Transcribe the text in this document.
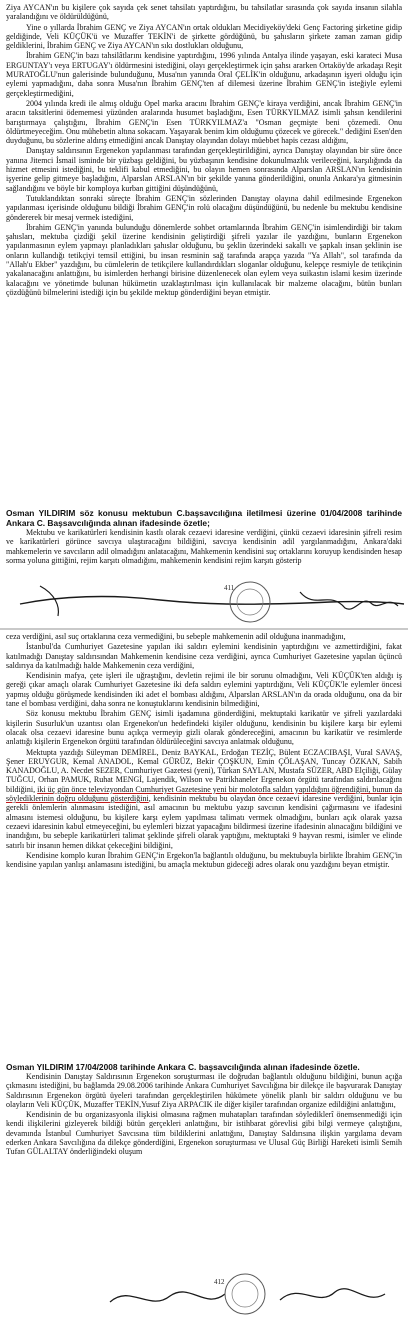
Ziya AYCAN'ın bu kişilere çok sayıda çek senet tahsilatı yaptırdığını, bu tahsilatlar sırasında çok sayıda insanın silahla yaralandığını ve öldürüldüğünü,

Yine o yıllarda İbrahim GENÇ ve Ziya AYCAN'ın ortak oldukları Mecidiyeköy'deki Genç Factoring şirketine gidip geldiğinde, Veli KÜÇÜK'ü ve Muzaffer TEKİN'i de şirkette gördüğünü, bu şahısların şirkete zaman zaman gidip geldiklerini, İbrahim GENÇ ve Ziya AYCAN'ın sıkı dostlukları olduğunu,

İbrahim GENÇ'in bazı tahsilâtlarını kendisine yaptırdığını, 1996 yılında Antalya ilinde yaşayan, eski karateci Musa ERGUNTAY'ı veya ERTUGAY'ı öldürmesini istediğini, olayı gerçekleştirmek için şahsı ararken Ortaköy'de arkadaşı Reşit MURATOĞLU'nun galerisinde bulunduğunu, Musa'nın yanında Oral ÇELİK'in olduğunu, arkadaşının işyeri olduğu için eylemi yapmadığını, daha sonra Musa'nın İbrahim GENÇ'ten af dilemesi üzerine İbrahim GENÇ'in isteğiyle eylemi gerçekleştirmediğini,

2004 yılında kredi ile almış olduğu Opel marka aracını İbrahim GENÇ'e kiraya verdiğini, ancak İbrahim GENÇ'in aracın taksitlerini ödememesi yüzünden aralarında husumet başladığını, Esen TÜRKYILMAZ isimli şahsın kendilerini barıştırmaya çalıştığını, İbrahim GENÇ'in Esen TÜRKYILMAZ'a "Osman geçmişte beni çözemedi. Onu öldürtmeyeceğim. Onu mühebetin altına sokacam. Yaşayarak benim kim olduğumu çözecek ve görecek." dediğini Esen'den duyduğunu, bu sözlerine aldırış etmediğini ancak Danıştay olayından dolayı müebbet hapis cezası aldığını,

Danıştay saldırısının Ergenekon yapılanması tarafından gerçekleştirildiğini, ayrıca Danıştay olayından bir süre önce yanına Jitemci İsmail isminde bir yüzbaşı geldiğini, bu yüzbaşının kendisine dokunulmazlık verileceğini, karşılığında da hizmet etmesini istediğini, bu teklifi kabul etmediğini, bu olayın hemen sonrasında Alparslan ARSLAN'ın kendisinin işyerine gelip gitmeye başladığını, Alparslan ARSLAN'ın bir şekilde yanına gönderildiğini, onunla Ankara'ya gitmesinin sağlandığını ve böyle bir komploya kurban gittiğini düşündüğünü,

Tutuklandıktan sonraki süreçte İbrahim GENÇ'in sözlerinden Danıştay olayına dahil edilmesinde Ergenekon yapılanması içerisinde olduğunu bildiği İbrahim GENÇ'in rolü olacağını düşündüğünü, bu nedenle bu mektubu kendisine göndererek bir mesaj vermek istediğini,

İbrahim GENÇ'in yanında bulunduğu dönemlerde sohbet ortamlarında İbrahim GENÇ'in isimlendirdiği bir takım şahısları, mektuba çizdiği şekil üzerine kendisinin geliştirdiği şifreli yazılar ile yazdığını, bunların Ergenekon yapılanmasının eylem yapmayı planladıkları şahıslar olduğunu, bu şeklin üzerindeki sakallı ve şapkalı insan şeklinin ise onların kullandığı tetikçiyi temsil ettiğini, bu insan resminin sağ tarafında arapça yazıda "Ya Allah", sol tarafında da "Allah'u Ekber" yazdığını, bu cümlelerin de tetikçilere kullandırdıkları sloganlar olduğunu, kelepçe resmiyle de tetikçinin yakalanacağını anlattığını, bu isimlerden herhangi birisine düzenlenecek olan eylem veya suikastın islami kesim üzerinde kalacağını ve yönetimde bulunan hükümetin uzaklaştırılması için kullanılacak bir malzeme olacağını, bütün bunları çözdüğünü bilmelerini istediği için bu şekilde mektup gönderdiğini beyan etmiştir.

Osman YILDIRIM söz konusu mektubun C.başsavcılığına iletilmesi üzerine 01/04/2008 tarihinde Ankara C. Başsavcılığında alınan ifadesinde özetle;

Mektubu ve karikatürleri kendisinin kastlı olarak cezaevi idaresine verdiğini, çünkü cezaevi idaresinin şifreli resim ve karikatürleri görünce savcıya ulaştıracağını bildiğini, savcıya kendisinin adil yargılanmadığını, Ankara'daki mahkemelerin ve savcıların adil olmadığını anlatacağını, Mahkemenin kendisini suç ortaklarını koruyup kendisinden hesap sorma yoluna gittiğini, rejim karşıtı olmadığını, mahkemenin kendisini rejim karşıtı gösterip

411

ceza verdiğini, asıl suç ortaklarına ceza vermediğini, bu sebeple mahkemenin adil olduğuna inanmadığını,

İstanbul'da Cumhuriyet Gazetesine yapılan iki saldırı eylemini kendisinin yaptırdığını ve azmettirdiğini, fakat katılmadığı Danıştay saldırısından Mahkemenin kendisine ceza verdiğini, ayrıca Cumhuriyet Gazetesine yapılan üçüncü saldırıya da katılmadığı halde Mahkemenin ceza verdiğini,

Kendisinin mafya, çete işleri ile uğraştığını, devletin rejimi ile bir sorunu olmadığını, Veli KÜÇÜK'ten aldığı iş gereği çıkar amaçlı olarak Cumhuriyet Gazetesine iki defa saldırı eylemini yaptırdığını, Veli KÜÇÜK'le eylemler öncesi yapmış olduğu görüşmede kendisinden iki adet el bombası aldığını, Alparslan ARSLAN'ın da orada olduğunu, ona da bir tane el bombası verdiğini, daha sonra ne konuştuklarını kendisinin bilmediğini,

Söz konusu mektubu İbrahim GENÇ isimli işadamına gönderdiğini, mektuptaki karikatür ve şifreli yazılardaki kişilerin Susurluk'un uzantısı olan Ergenekon'un hedefindeki kişiler olduğunu, kendisinin bu kişilere karşı bir eylemi olacak olsa cezaevi idaresine bunu açıkça vermeyip gizli olarak göndereceğini, amacının bu karikatür ve resimlerde anlattığı kişilerin Ergenekon örgütü tarafından öldürüleceğini savcıya anlatmak olduğunu,

Mektupta yazdığı Süleyman DEMİREL, Deniz BAYKAL, Erdoğan TEZİÇ, Bülent ECZACIBAŞI, Vural SAVAŞ, Şener ERUYGUR, Kemal ANADOL, Kemal GÜRÜZ, Bekir ÇOŞKUN, Emin ÇÖLAŞAN, Tuncay ÖZKAN, Sabih KANADOĞLU, A. Necdet SEZER, Cumhuriyet Gazetesi (yeni), Türkan SAYLAN, Mustafa SÜZER, ABD Elçiliği, Gülay TUĞCU, Orhan PAMUK, Ruhat MENGİ, Lajendik, Wilson ve Patrikhaneler Ergenekon örgütü tarafından saldırılacağını bildiğini, iki üç gün önce televizyondan Cumhuriyet Gazetesine yeni bir molotofla saldırı yapıldığını öğrendiğini, bunun da söylediklerinin doğru olduğunu gösterdiğini, kendisinin mektubu bu olaydan önce cezaevi idaresine verdiğini, bunlar için gerekli önlemlerin alınmasını istediğini, asıl amacının bu mektubu yazıp savcının kendisini çağırmasını ve ifadesini almasını istemesi olduğunu, bu kişilere karşı eylem yapılması talimatı vermek olmadığını, bunları açık olarak yazsa cezaevi idaresinin kabul etmeyeceğini, bu eylemleri bizzat yapacağını bildirmesi üzerine ifadesinin alınacağını bildiğini ve inandığını, bu sebeple karikatürleri talimat şeklinde şifreli olarak yaptığını, mektuptaki 9 hayvan resmi, isimler ve elinde satırlı bir insanın hemen dikkat çekeceğini bildiğini,

Kendisine komplo kuran İbrahim GENÇ'in Ergekon'la bağlantılı olduğunu, bu mektubuyla birlikte İbrahim GENÇ'in kendisine yapılan yanlışı anlamasını istediğini, bu amaçla mektubun gideceği adres olarak onu yazdığını beyan etmiştir.

Osman YILDIRIM 17/04/2008 tarihinde Ankara C. başsavcılığında alınan ifadesinde özetle.

Kendisinin Danıştay Saldırısının Ergenekon soruşturması ile doğrudan bağlantılı olduğunu bildiğini, bunun açığa çıkmasını istediğini, bu bağlamda 29.08.2006 tarihinde Ankara Cumhuriyet Savcılığına bir dilekçe ile başvurarak Danıştay Saldırısının Ergenekon örgütü üyeleri tarafından gerçekleştirilen hükümete yönelik planlı bir saldırı olduğunu ve bu olayların Veli KÜÇÜK, Muzaffer TEKİN,Yusuf Ziya ARPACIK ile diğer kişiler tarafından organize edildiğini anlattığını,

Kendisinin de bu organizasyonla ilişkisi olmasına rağmen muhatapları tarafından söylediklerî önemsenmediği için kendi ilişkilerini gizleyerek bildiği bütün gerçekleri anlattığını, bir istihbarat görevlisi gibi bilgi vermeye çalıştığını, devamında İstanbul Cumhuriyet Savcısına tüm bildiklerini anlattığını, Danıştay Saldırısına ilişkin yargılama devam ederken Ankara Savcılığına da dilekçe gönderdiğini, Ergenekon soruşturması ve Ulusal Güç Birliği Hareketi isimli Semih Tufan GÜLALTAY önderliğindeki oluşum

412
